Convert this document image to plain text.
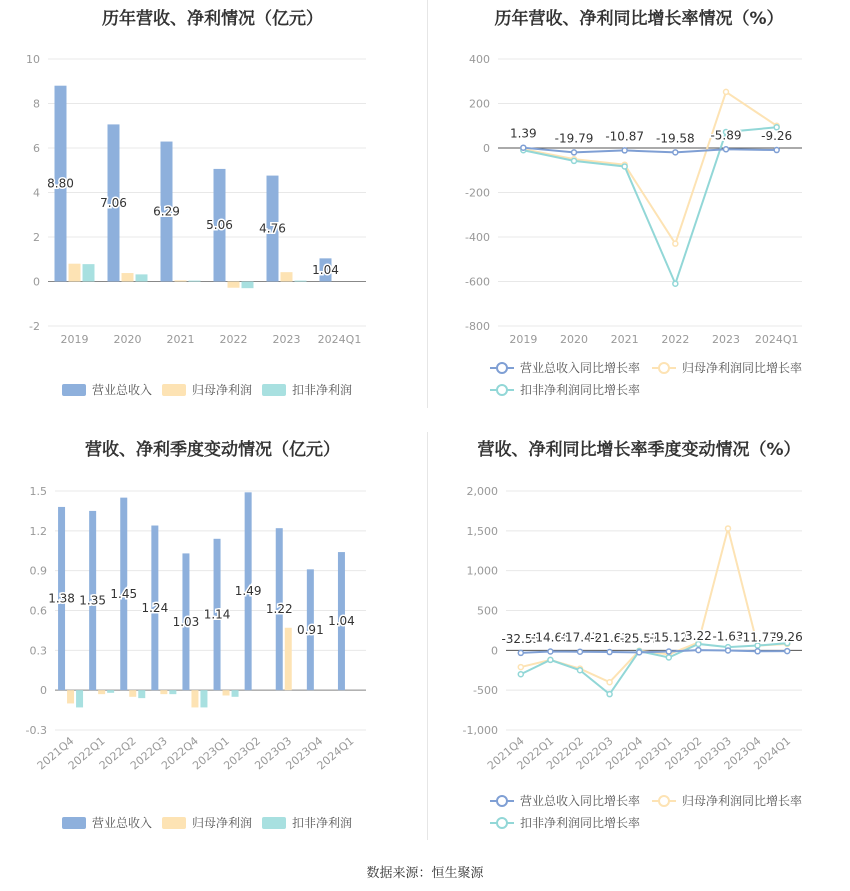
历年营收、净利情况（亿元）
-2
0
2
4
6
8
10
2019 2020 2021 2022 2023 2024Q1
8.80
7.06
6.29
5.06 4.76
1.04
营业总收入	归母净利润	扣非净利润
历年营收、净利同比增长率情况（%）
-800
-600
-400
-200
0
200
400
2019 2020 2021 2022 2023 2024Q1
1.39 -19.79 -10.87 -19.58 -5.89 -9.26
营业总收入同比增长率	归母净利润同比增长率
扣非净利润同比增长率
营收、净利季度变动情况（亿元）
-0.3
0
0.3
0.6
0.9
1.2
1.5
2021Q4
2022Q1
2022Q2
2022Q3
2022Q4
2023Q1
2023Q2
2023Q3
2023Q4
2024Q1
1.38 1.35 1.45
1.24
1.03
1.14
1.49
1.22
0.91
1.04
营业总收入	归母净利润	扣非净利润
营收、净利同比增长率季度变动情况（%）
-1,000
-500
0
500
1,000
1,500
2,000
2021Q4
2022Q1
2022Q2
2022Q3
2022Q4
2023Q1
2023Q2
2023Q3
2023Q4
2024Q1
-32.55
-14.66
-17.47
-21.63
-25.57
-15.12
3.22 -1.63
-11.77
-9.26
营业总收入同比增长率	归母净利润同比增长率
扣非净利润同比增长率
数据来源：恒生聚源
